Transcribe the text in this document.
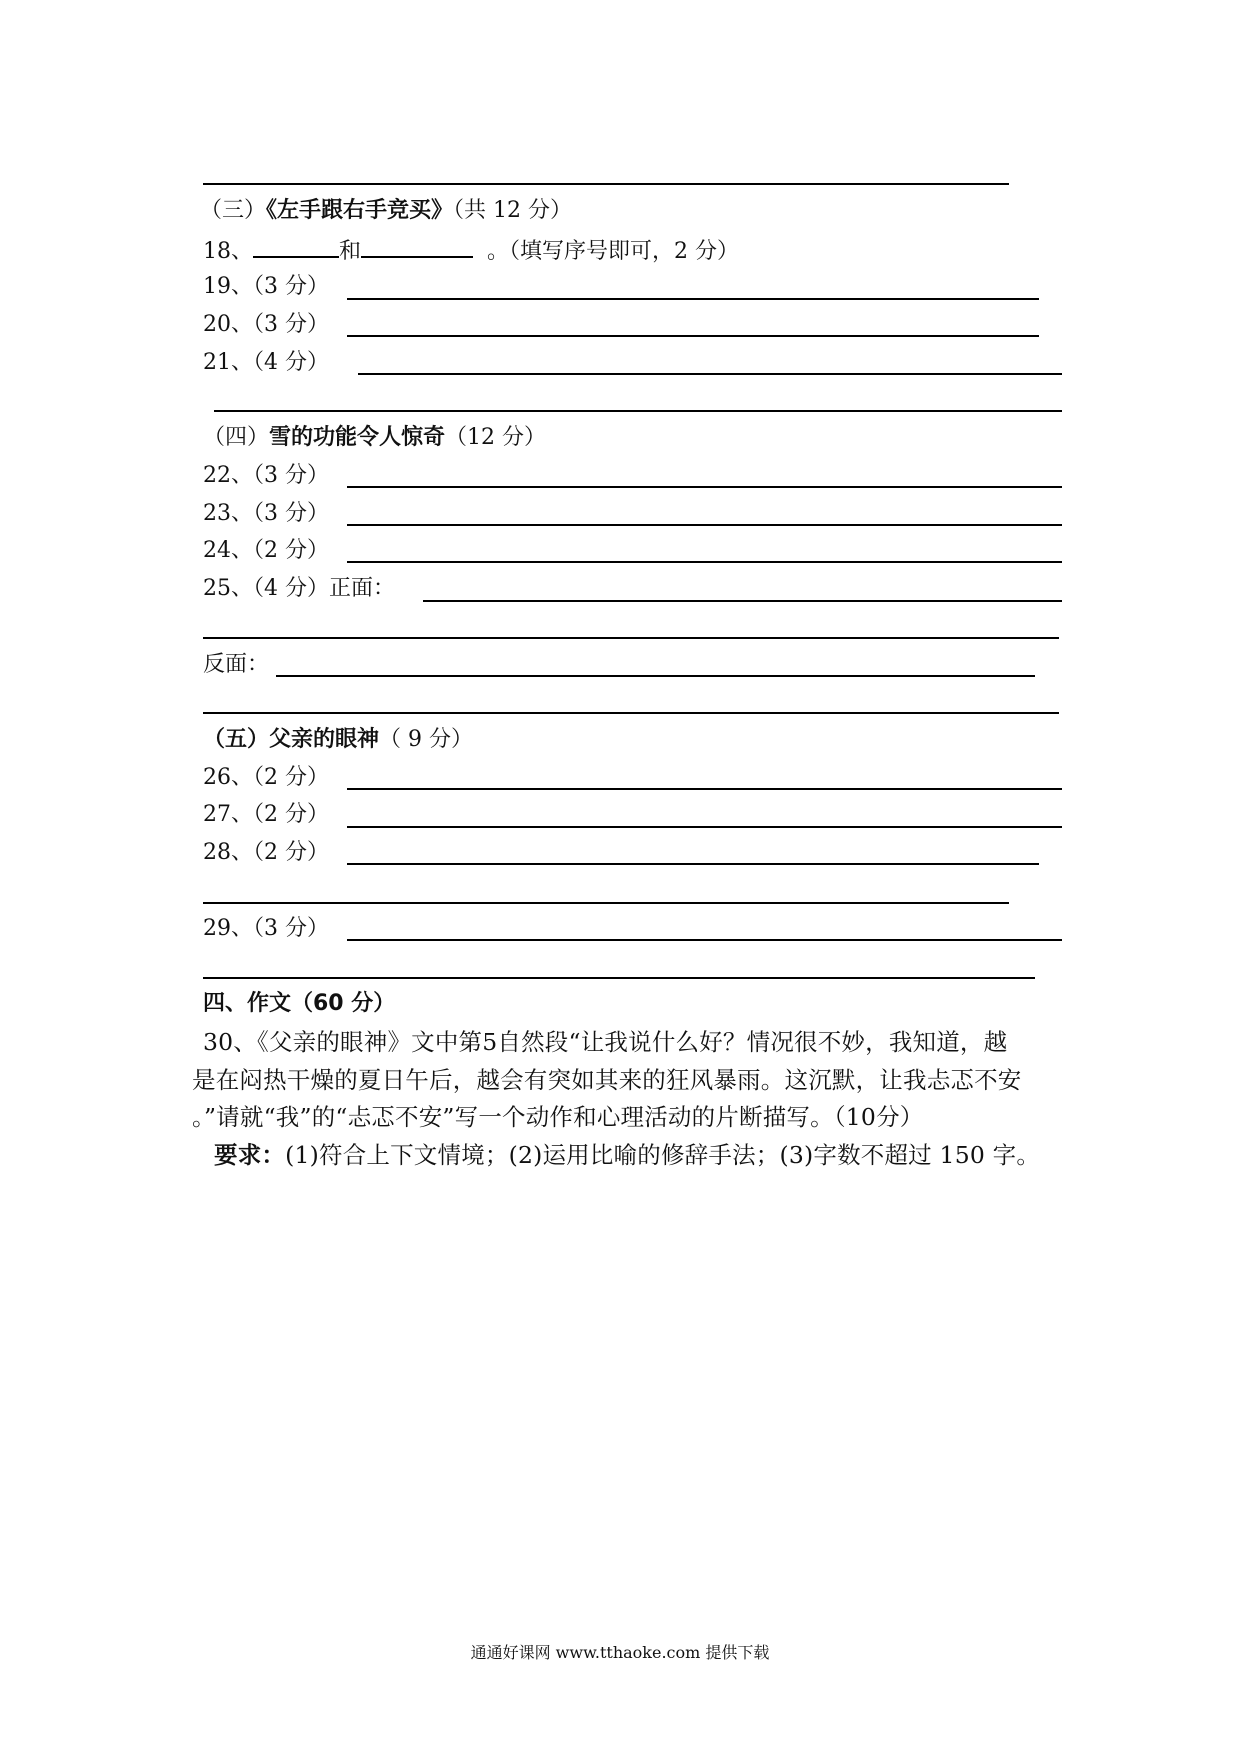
（三）《左手跟右手竞买》（共 12 分）
18、	和	。（填写序号即可，2 分）
19、（3 分）
20、（3 分）
21、（4 分）
（四）雪的功能令人惊奇（12 分）
22、（3 分）
23、（3 分）
24、（2 分）
25、（4 分）正面：
反面：
（五）父亲的眼神（ 9 分）
26、（2 分）
27、（2 分）
28、（2 分）
29、（3 分）
四、作文（60 分）
30、《父亲的眼神》文中第5自然段“让我说什么好？情况很不妙，我知道，越
是在闷热干燥的夏日午后，越会有突如其来的狂风暴雨。这沉默，让我忐忑不安
。”请就“我”的“忐忑不安”写一个动作和心理活动的片断描写。（10分）
要求：(1)符合上下文情境；(2)运用比喻的修辞手法；(3)字数不超过 150 字。
通通好课网 www.tthaoke.com 提供下载
